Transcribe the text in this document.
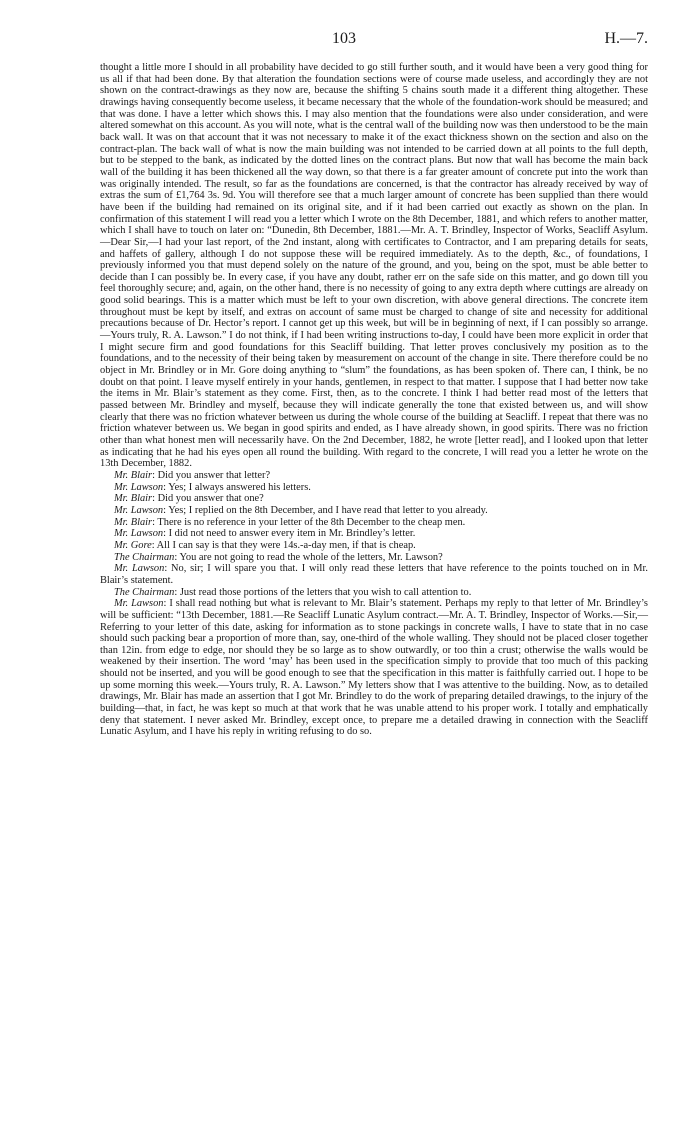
103	H.—7.

thought a little more I should in all probability have decided to go still further south, and it would have been a very good thing for us all if that had been done. By that alteration the foundation sections were of course made useless, and accordingly they are not shown on the contract-drawings as they now are, because the shifting 5 chains south made it a different thing altogether. These drawings having consequently become useless, it became necessary that the whole of the foundation-work should be measured; and that was done. I have a letter which shows this. I may also mention that the foundations were also under consideration, and were altered somewhat on this account. As you will note, what is the central wall of the building now was then understood to be the main back wall. It was on that account that it was not necessary to make it of the exact thickness shown on the section and also on the contract-plan. The back wall of what is now the main building was not intended to be carried down at all points to the full depth, but to be stepped to the bank, as indicated by the dotted lines on the contract plans. But now that wall has become the main back wall of the building it has been thickened all the way down, so that there is a far greater amount of concrete put into the work than was originally intended. The result, so far as the foundations are concerned, is that the contractor has already received by way of extras the sum of £1,764 3s. 9d. You will therefore see that a much larger amount of concrete has been supplied than there would have been if the building had remained on its original site, and if it had been carried out exactly as shown on the plan. In confirmation of this statement I will read you a letter which I wrote on the 8th December, 1881, and which refers to another matter, which I shall have to touch on later on: “Dunedin, 8th December, 1881.—Mr. A. T. Brindley, Inspector of Works, Seacliff Asylum.—Dear Sir,—I had your last report, of the 2nd instant, along with certificates to Contractor, and I am preparing details for seats, and haffets of gallery, although I do not suppose these will be required immediately. As to the depth, &c., of foundations, I previously informed you that must depend solely on the nature of the ground, and you, being on the spot, must be able better to decide than I can possibly be. In every case, if you have any doubt, rather err on the safe side on this matter, and go down till you feel thoroughly secure; and, again, on the other hand, there is no necessity of going to any extra depth where cuttings are already on good solid bearings. This is a matter which must be left to your own discretion, with above general directions. The concrete item throughout must be kept by itself, and extras on account of same must be charged to change of site and necessity for additional precautions because of Dr. Hector’s report. I cannot get up this week, but will be in beginning of next, if I can possibly so arrange.—Yours truly, R. A. Lawson.” I do not think, if I had been writing instructions to-day, I could have been more explicit in order that I might secure firm and good foundations for this Seacliff building. That letter proves conclusively my position as to the foundations, and to the necessity of their being taken by measurement on account of the change in site. There therefore could be no object in Mr. Brindley or in Mr. Gore doing anything to “slum” the foundations, as has been spoken of. There can, I think, be no doubt on that point. I leave myself entirely in your hands, gentlemen, in respect to that matter. I suppose that I had better now take the items in Mr. Blair’s statement as they come. First, then, as to the concrete. I think I had better read most of the letters that passed between Mr. Brindley and myself, because they will indicate generally the tone that existed between us, and will show clearly that there was no friction whatever between us during the whole course of the building at Seacliff. I repeat that there was no friction whatever between us. We began in good spirits and ended, as I have already shown, in good spirits. There was no friction other than what honest men will necessarily have. On the 2nd December, 1882, he wrote [letter read], and I looked upon that letter as indicating that he had his eyes open all round the building. With regard to the concrete, I will read you a letter he wrote on the 13th December, 1882.

Mr. Blair: Did you answer that letter?

Mr. Lawson: Yes; I always answered his letters.

Mr. Blair: Did you answer that one?

Mr. Lawson: Yes; I replied on the 8th December, and I have read that letter to you already.

Mr. Blair: There is no reference in your letter of the 8th December to the cheap men.

Mr. Lawson: I did not need to answer every item in Mr. Brindley’s letter.

Mr. Gore: All I can say is that they were 14s.-a-day men, if that is cheap.

The Chairman: You are not going to read the whole of the letters, Mr. Lawson?

Mr. Lawson: No, sir; I will spare you that. I will only read these letters that have reference to the points touched on in Mr. Blair’s statement.

The Chairman: Just read those portions of the letters that you wish to call attention to.

Mr. Lawson: I shall read nothing but what is relevant to Mr. Blair’s statement. Perhaps my reply to that letter of Mr. Brindley’s will be sufficient: “13th December, 1881.—Re Seacliff Lunatic Asylum contract.—Mr. A. T. Brindley, Inspector of Works.—Sir,—Referring to your letter of this date, asking for information as to stone packings in concrete walls, I have to state that in no case should such packing bear a proportion of more than, say, one-third of the whole walling. They should not be placed closer together than 12in. from edge to edge, nor should they be so large as to show outwardly, or too thin a crust; otherwise the walls would be weakened by their insertion. The word ‘may’ has been used in the specification simply to provide that too much of this packing should not be inserted, and you will be good enough to see that the specification in this matter is faithfully carried out. I hope to be up some morning this week.—Yours truly, R. A. Lawson.” My letters show that I was attentive to the building. Now, as to detailed drawings, Mr. Blair has made an assertion that I got Mr. Brindley to do the work of preparing detailed drawings, to the injury of the building—that, in fact, he was kept so much at that work that he was unable attend to his proper work. I totally and emphatically deny that statement. I never asked Mr. Brindley, except once, to prepare me a detailed drawing in connection with the Seacliff Lunatic Asylum, and I have his reply in writing refusing to do so.
